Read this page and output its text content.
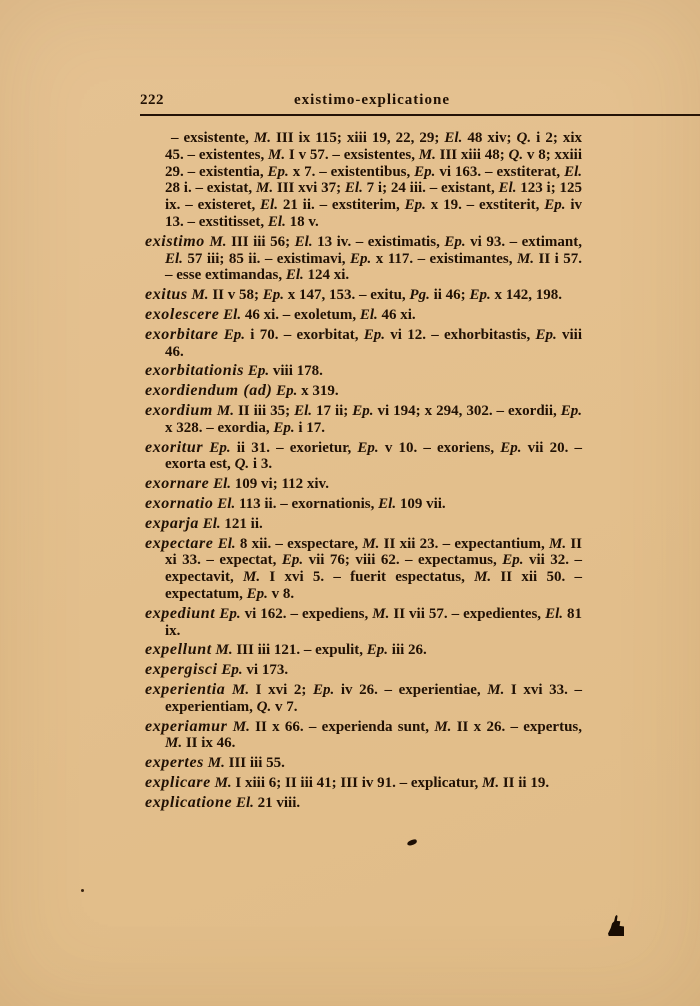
222	existimo-explicatione

– exsistente, M. III ix 115; xiii 19, 22, 29; El. 48 xiv; Q. i 2; xix 45. – existentes, M. I v 57. – exsistentes, M. III xiii 48; Q. v 8; xxiii 29. – existentia, Ep. x 7. – existentibus, Ep. vi 163. – exstiterat, El. 28 i. – existat, M. III xvi 37; El. 7 i; 24 iii. – existant, El. 123 i; 125 ix. – existeret, El. 21 ii. – exstiterim, Ep. x 19. – exstiterit, Ep. iv 13. – exstitisset, El. 18 v.

existimo M. III iii 56; El. 13 iv. – existimatis, Ep. vi 93. – extimant, El. 57 iii; 85 ii. – existimavi, Ep. x 117. – existimantes, M. II i 57. – esse extimandas, El. 124 xi.

exitus M. II v 58; Ep. x 147, 153. – exitu, Pg. ii 46; Ep. x 142, 198.

exolescere El. 46 xi. – exoletum, El. 46 xi.

exorbitare Ep. i 70. – exorbitat, Ep. vi 12. – exhorbitastis, Ep. viii 46.

exorbitationis Ep. viii 178.

exordiendum (ad) Ep. x 319.

exordium M. II iii 35; El. 17 ii; Ep. vi 194; x 294, 302. – exordii, Ep. x 328. – exordia, Ep. i 17.

exoritur Ep. ii 31. – exorietur, Ep. v 10. – exoriens, Ep. vii 20. – exorta est, Q. i 3.

exornare El. 109 vi; 112 xiv.

exornatio El. 113 ii. – exornationis, El. 109 vii.

exparja El. 121 ii.

expectare El. 8 xii. – exspectare, M. II xii 23. – expectantium, M. II xi 33. – expectat, Ep. vii 76; viii 62. – expectamus, Ep. vii 32. – expectavit, M. I xvi 5. – fuerit espectatus, M. II xii 50. – expectatum, Ep. v 8.

expediunt Ep. vi 162. – expediens, M. II vii 57. – expedientes, El. 81 ix.

expellunt M. III iii 121. – expulit, Ep. iii 26.

expergisci Ep. vi 173.

experientia M. I xvi 2; Ep. iv 26. – experientiae, M. I xvi 33. – experientiam, Q. v 7.

experiamur M. II x 66. – experienda sunt, M. II x 26. – expertus, M. II ix 46.

expertes M. III iii 55.

explicare M. I xiii 6; II iii 41; III iv 91. – explicatur, M. II ii 19.

explicatione El. 21 viii.
